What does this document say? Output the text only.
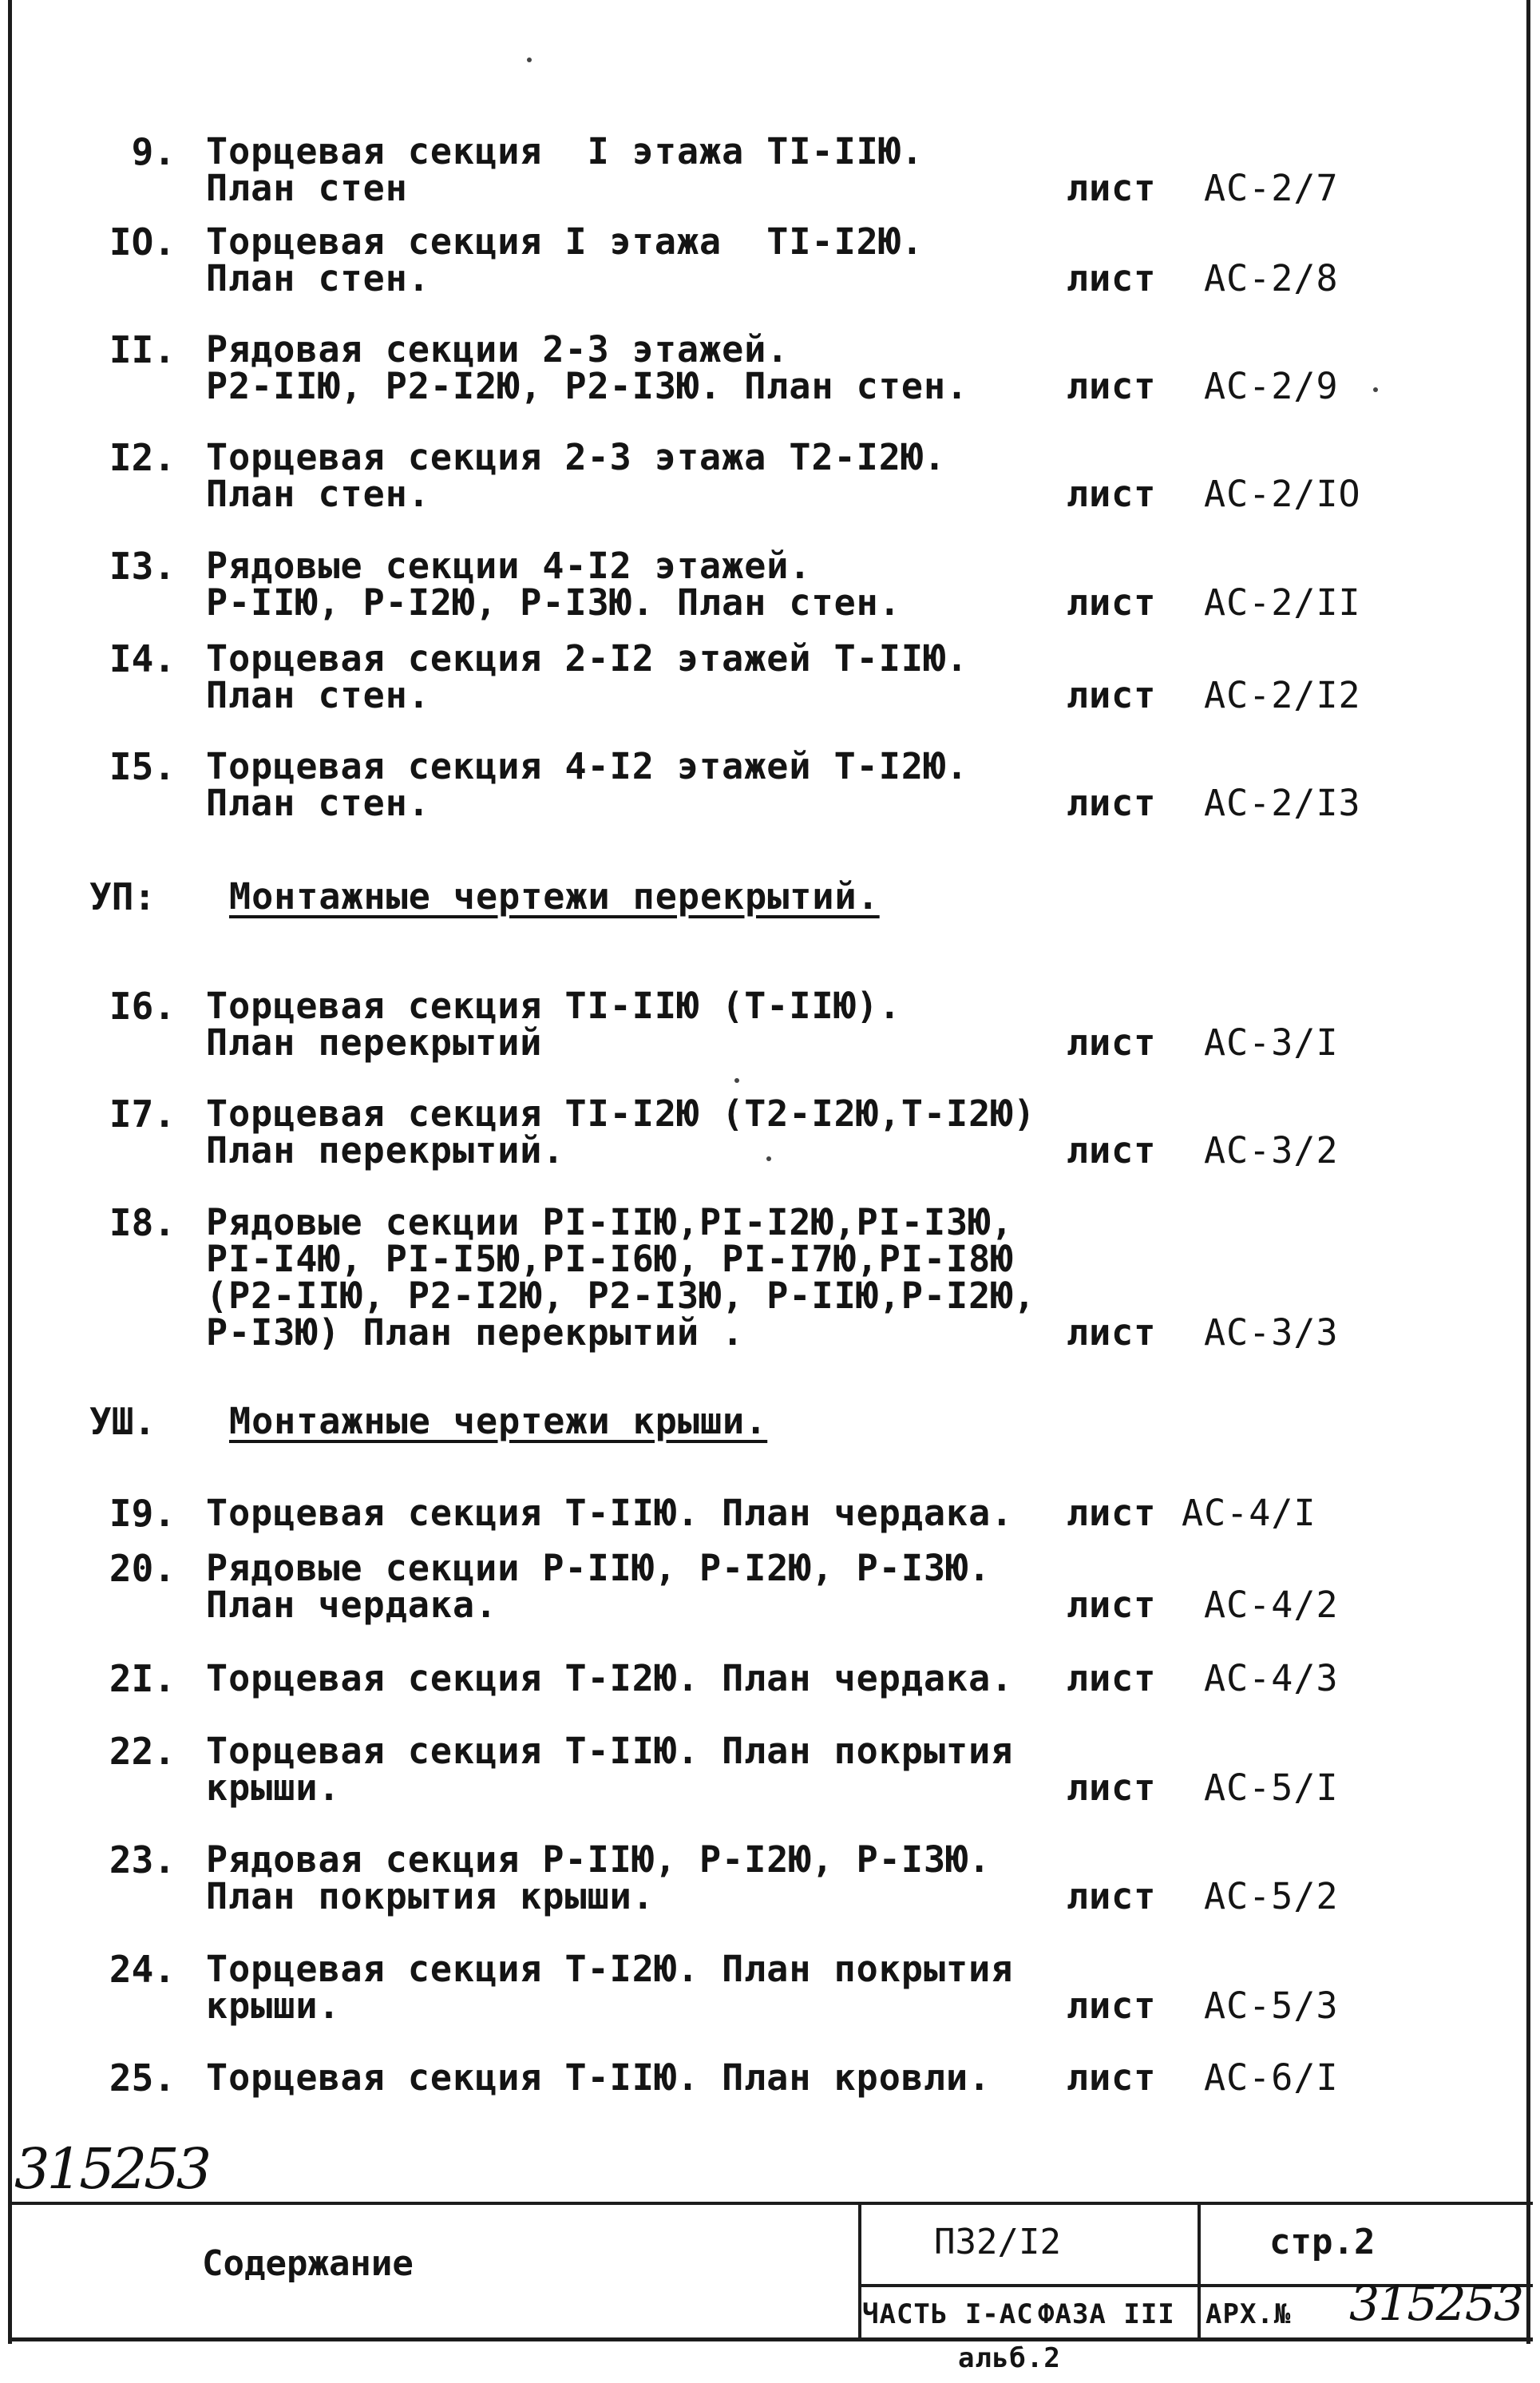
9. Торцевая секция  I этажа TI-IIЮ.
План стен	лист АС-2/7
IO. Торцевая секция I этажа  TI-I2Ю.
План стен.	лист АС-2/8
II. Рядовая секции 2-3 этажей.
Р2-IIЮ, Р2-I2Ю, Р2-I3Ю. План стен.	лист АС-2/9
I2. Торцевая секция 2-3 этажа Т2-I2Ю.
План стен.	лист АС-2/IO
I3. Рядовые секции 4-I2 этажей.
Р-IIЮ, Р-I2Ю, Р-I3Ю. План стен.	лист АС-2/II
I4. Торцевая секция 2-I2 этажей Т-IIЮ.
План стен.	лист АС-2/I2
I5. Торцевая секция 4-I2 этажей Т-I2Ю.
План стен.	лист АС-2/I3
УП: Монтажные чертежи перекрытий.
I6. Торцевая секция TI-IIЮ (Т-IIЮ).
План перекрытий	лист АС-3/I
I7. Торцевая секция TI-I2Ю (Т2-I2Ю,Т-I2Ю)
План перекрытий.	лист АС-3/2
I8. Рядовые секции PI-IIЮ,PI-I2Ю,PI-I3Ю,
PI-I4Ю, PI-I5Ю,PI-I6Ю, PI-I7Ю,PI-I8Ю
(Р2-IIЮ, Р2-I2Ю, Р2-I3Ю, Р-IIЮ,Р-I2Ю,
Р-I3Ю) План перекрытий .	лист АС-3/3
УШ. Монтажные чертежи крыши.
I9. Торцевая секция Т-IIЮ. План чердака.	лист АС-4/I
20. Рядовые секции Р-IIЮ, Р-I2Ю, Р-I3Ю.
План чердака.	лист АС-4/2
2I. Торцевая секция Т-I2Ю. План чердака.	лист АС-4/3
22. Торцевая секция Т-IIЮ. План покрытия
крыши.	лист АС-5/I
23. Рядовая секция Р-IIЮ, Р-I2Ю, Р-I3Ю.
План покрытия крыши.	лист АС-5/2
24. Торцевая секция Т-I2Ю. План покрытия
крыши.	лист АС-5/3
25. Торцевая секция Т-IIЮ. План кровли.	лист АС-6/I
315253
Содержание
П32/I2	стр.2
ЧАСТЬ I-АС ФАЗА III АРХ.№ 315253
альб.2
